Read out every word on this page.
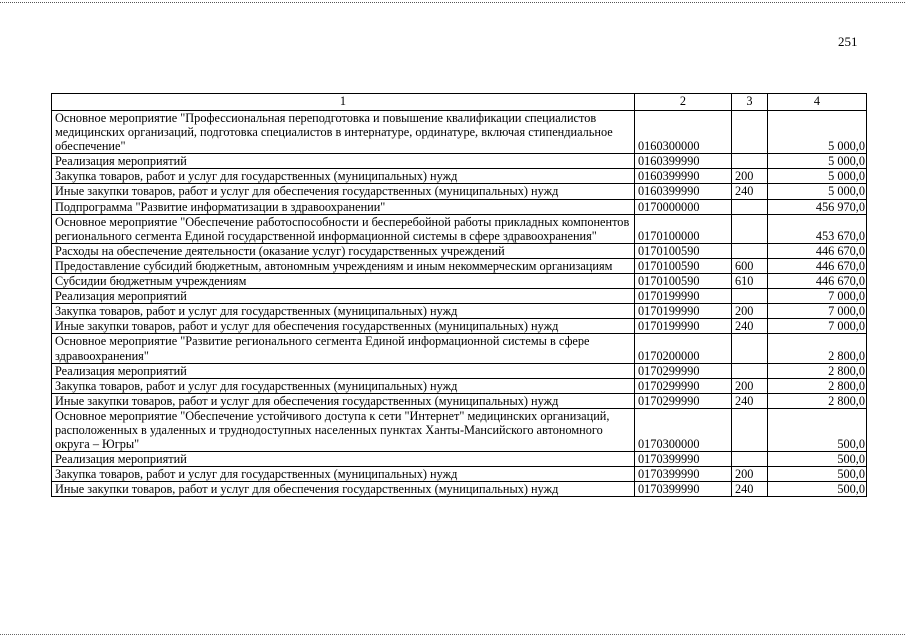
251
1	2	3	4
Основное мероприятие "Профессиональная переподготовка и повышение квалификации специалистов медицинских организаций, подготовка специалистов в интернатуре, ординатуре, включая стипендиальное обеспечение"	0160300000		5 000,0
Реализация мероприятий	0160399990		5 000,0
Закупка товаров, работ и услуг для государственных (муниципальных) нужд	0160399990	200	5 000,0
Иные закупки товаров, работ и услуг для обеспечения государственных (муниципальных) нужд	0160399990	240	5 000,0
Подпрограмма "Развитие информатизации в здравоохранении"	0170000000		456 970,0
Основное мероприятие "Обеспечение работоспособности и бесперебойной работы прикладных компонентов регионального сегмента Единой государственной информационной системы в сфере здравоохранения"	0170100000		453 670,0
Расходы на обеспечение деятельности (оказание услуг) государственных учреждений	0170100590		446 670,0
Предоставление субсидий бюджетным, автономным учреждениям и иным некоммерческим организациям	0170100590	600	446 670,0
Субсидии бюджетным учреждениям	0170100590	610	446 670,0
Реализация мероприятий	0170199990		7 000,0
Закупка товаров, работ и услуг для государственных (муниципальных) нужд	0170199990	200	7 000,0
Иные закупки товаров, работ и услуг для обеспечения государственных (муниципальных) нужд	0170199990	240	7 000,0
Основное мероприятие "Развитие регионального сегмента Единой информационной системы в сфере здравоохранения"	0170200000		2 800,0
Реализация мероприятий	0170299990		2 800,0
Закупка товаров, работ и услуг для государственных (муниципальных) нужд	0170299990	200	2 800,0
Иные закупки товаров, работ и услуг для обеспечения государственных (муниципальных) нужд	0170299990	240	2 800,0
Основное мероприятие "Обеспечение устойчивого доступа к сети "Интернет" медицинских организаций, расположенных в удаленных и труднодоступных населенных пунктах Ханты-Мансийского автономного округа – Югры"	0170300000		500,0
Реализация мероприятий	0170399990		500,0
Закупка товаров, работ и услуг для государственных (муниципальных) нужд	0170399990	200	500,0
Иные закупки товаров, работ и услуг для обеспечения государственных (муниципальных) нужд	0170399990	240	500,0
